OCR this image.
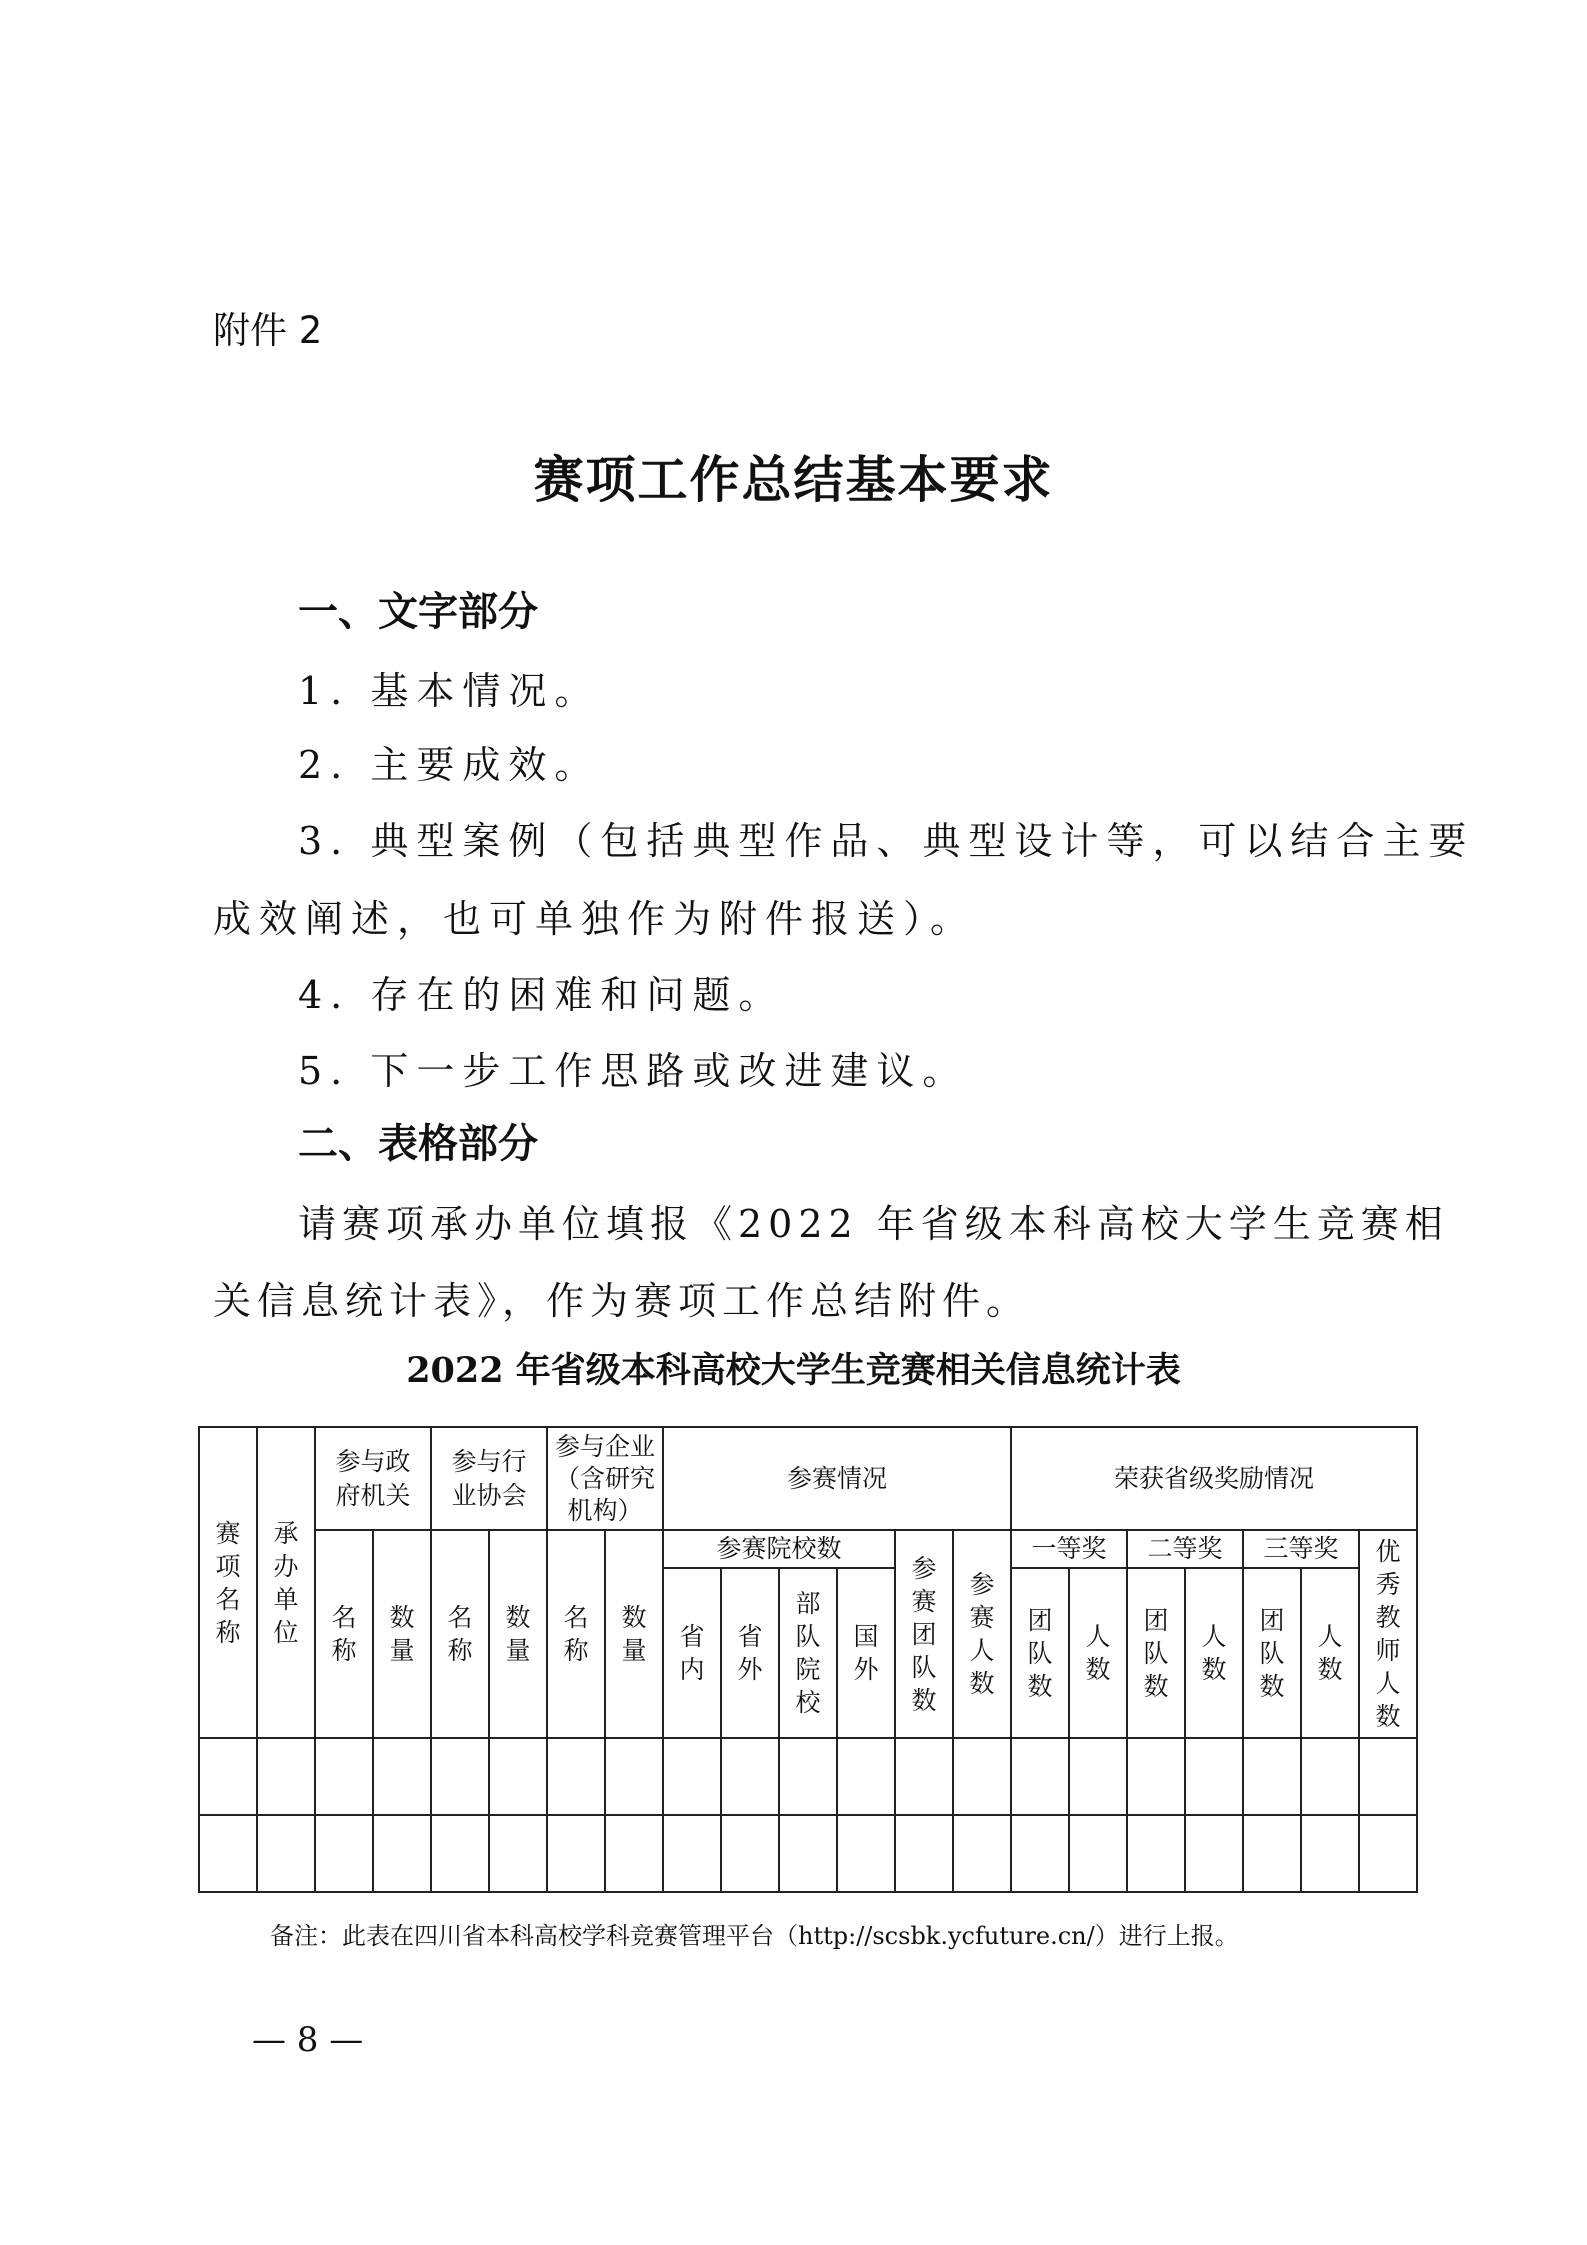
附件 2
赛项工作总结基本要求
一、文字部分
1. 基本情况。
2. 主要成效。
3. 典型案例（包括典型作品、典型设计等，可以结合主要
成效阐述，也可单独作为附件报送）。
4. 存在的困难和问题。
5. 下一步工作思路或改进建议。
二、表格部分
请赛项承办单位填报《2022 年省级本科高校大学生竞赛相
关信息统计表》，作为赛项工作总结附件。
2022 年省级本科高校大学生竞赛相关信息统计表
赛项名称	承办单位	参与政府机关		参与行业协会		参与企业（含研究机构）		参赛情况						荣获省级奖励情况						

		名称	数量	名称	数量	名称	数量	参赛院校数				参赛团队数	参赛人数	一等奖		二等奖		三等奖		优秀教师人数

								省内	省外	部队院校	国外			团队数	人数	团队数	人数	团队数	人数	

备注：此表在四川省本科高校学科竞赛管理平台（http://scsbk.ycfuture.cn/）进行上报。
— 8 —
